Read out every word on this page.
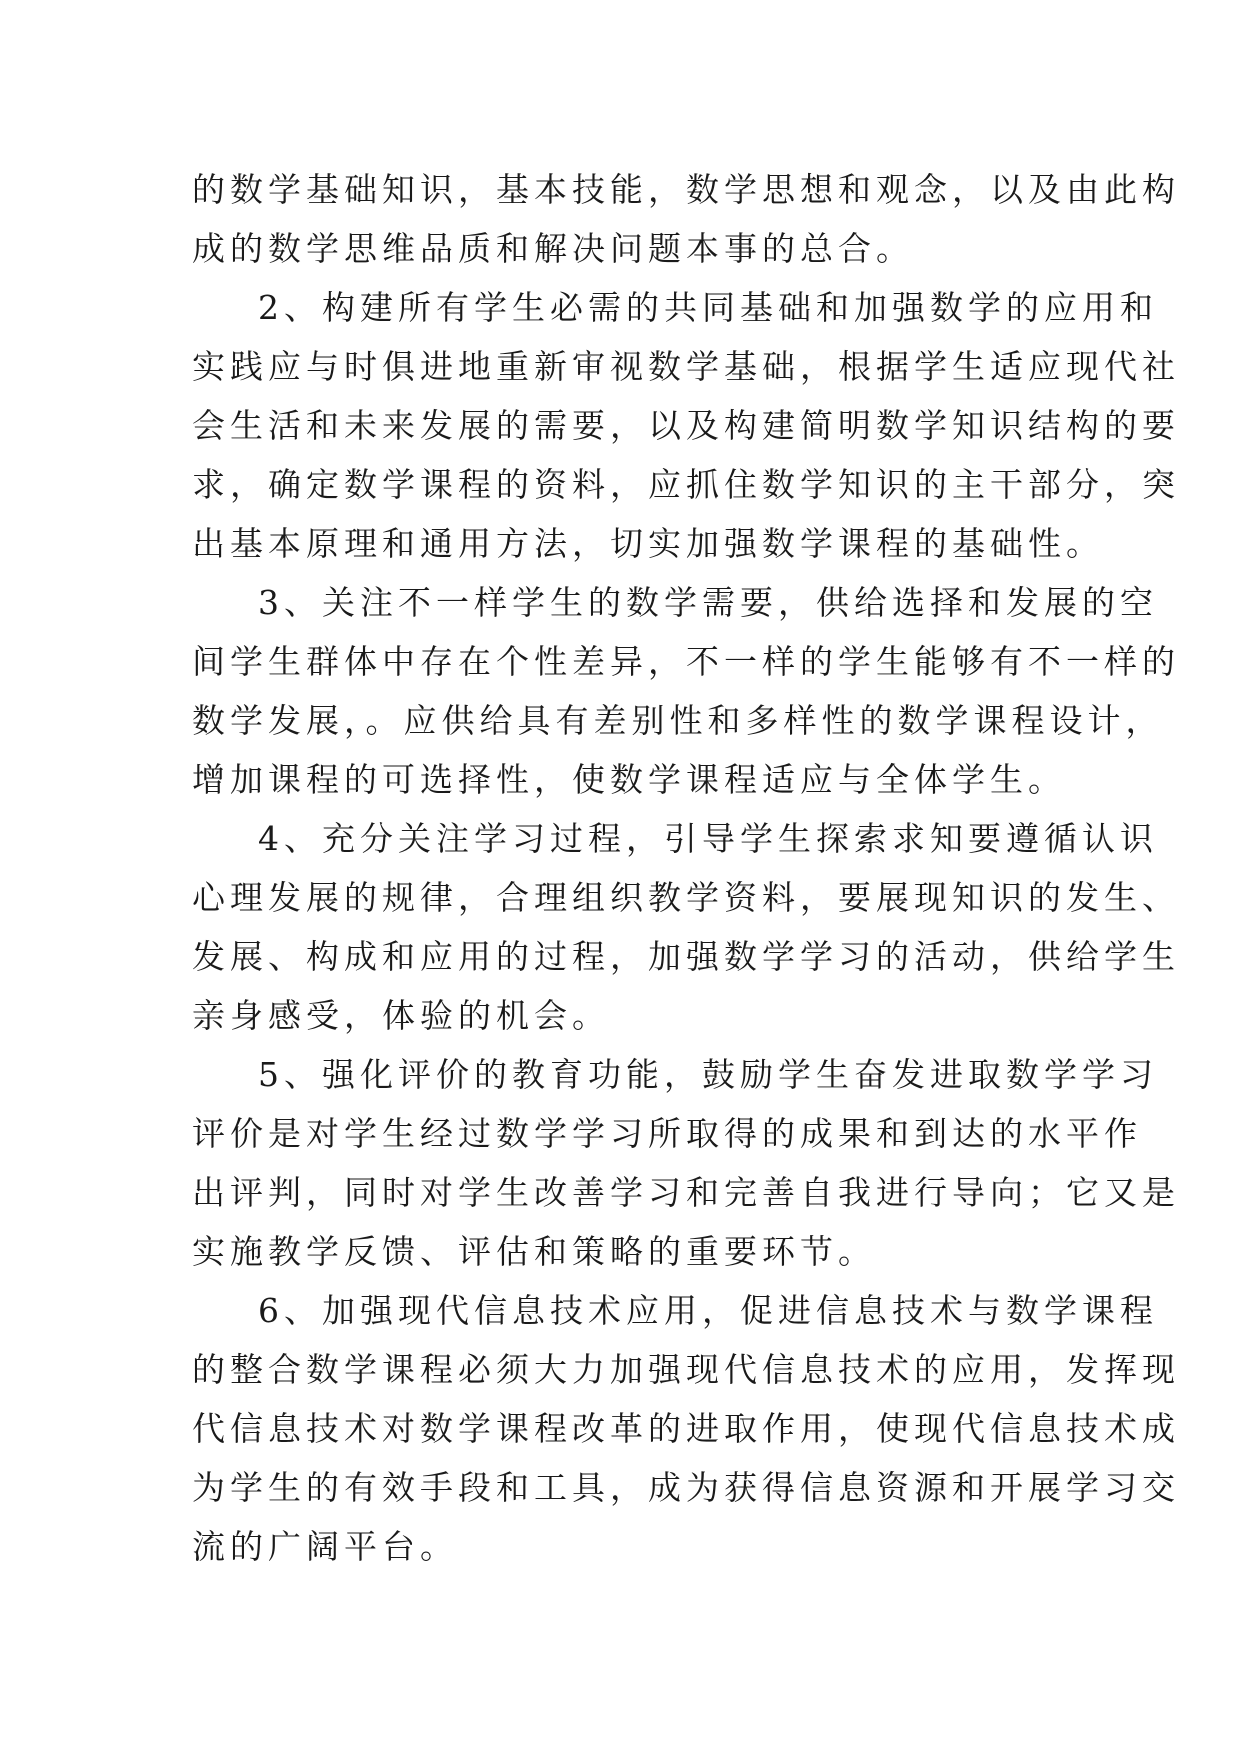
的数学基础知识，基本技能，数学思想和观念，以及由此构
成的数学思维品质和解决问题本事的总合。
2、构建所有学生必需的共同基础和加强数学的应用和
实践应与时俱进地重新审视数学基础，根据学生适应现代社
会生活和未来发展的需要，以及构建简明数学知识结构的要
求，确定数学课程的资料，应抓住数学知识的主干部分，突
出基本原理和通用方法，切实加强数学课程的基础性。
3、关注不一样学生的数学需要，供给选择和发展的空
间学生群体中存在个性差异，不一样的学生能够有不一样的
数学发展，。应供给具有差别性和多样性的数学课程设计，
增加课程的可选择性，使数学课程适应与全体学生。
4、充分关注学习过程，引导学生探索求知要遵循认识
心理发展的规律，合理组织教学资料，要展现知识的发生、
发展、构成和应用的过程，加强数学学习的活动，供给学生
亲身感受，体验的机会。
5、强化评价的教育功能，鼓励学生奋发进取数学学习
评价是对学生经过数学学习所取得的成果和到达的水平作
出评判，同时对学生改善学习和完善自我进行导向；它又是
实施教学反馈、评估和策略的重要环节。
6、加强现代信息技术应用，促进信息技术与数学课程
的整合数学课程必须大力加强现代信息技术的应用，发挥现
代信息技术对数学课程改革的进取作用，使现代信息技术成
为学生的有效手段和工具，成为获得信息资源和开展学习交
流的广阔平台。
